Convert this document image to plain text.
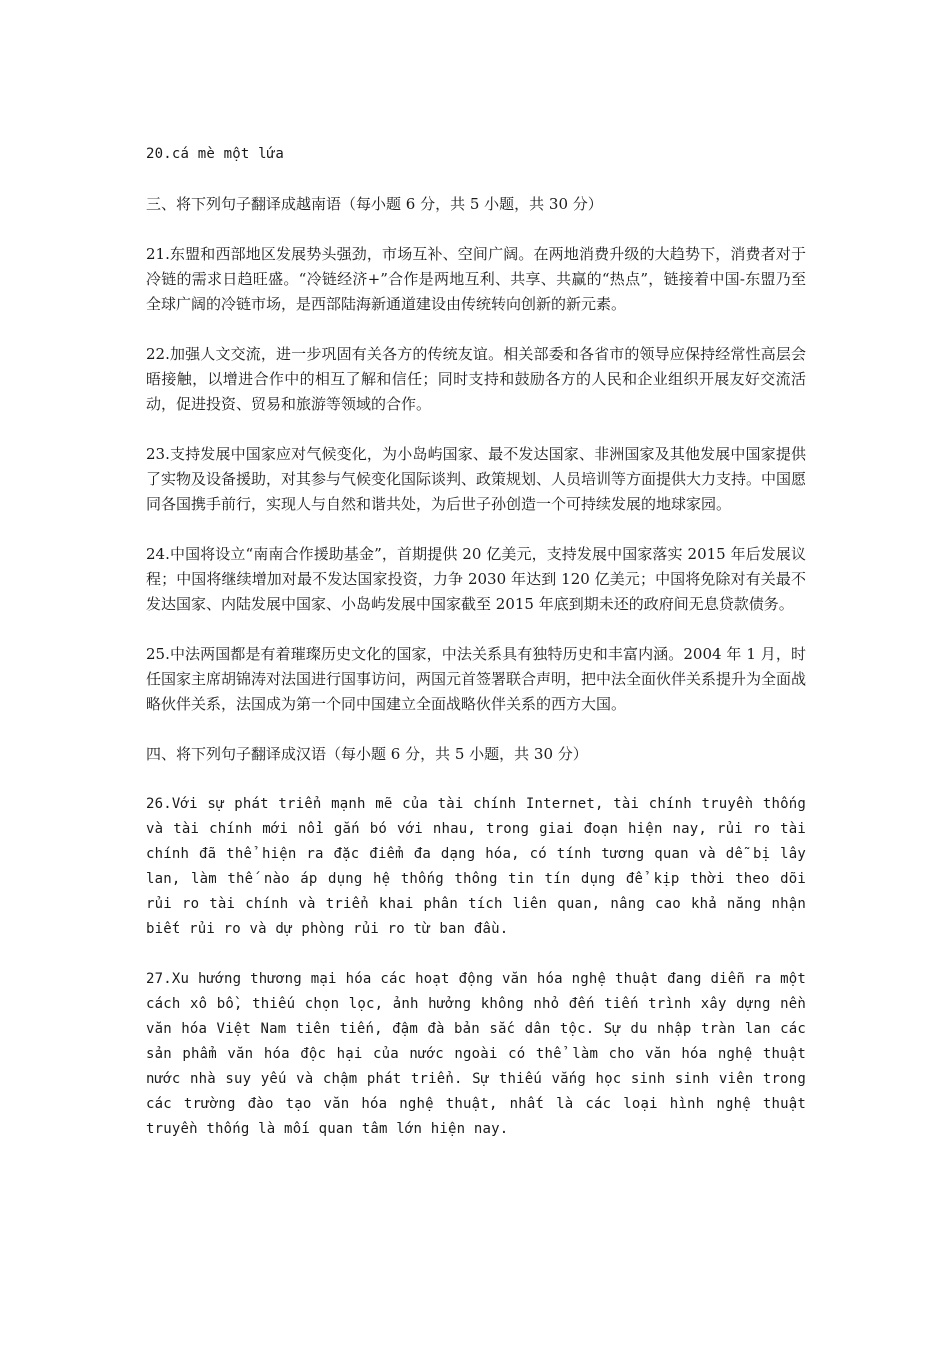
20.cá mè một lứa

三、将下列句子翻译成越南语（每小题 6 分，共 5 小题，共 30 分）

21.东盟和西部地区发展势头强劲，市场互补、空间广阔。在两地消费升级的大趋势下，消费者对于冷链的需求日趋旺盛。“冷链经济+”合作是两地互利、共享、共赢的“热点”，链接着中国-东盟乃至全球广阔的冷链市场，是西部陆海新通道建设由传统转向创新的新元素。

22.加强人文交流，进一步巩固有关各方的传统友谊。相关部委和各省市的领导应保持经常性高层会晤接触，以增进合作中的相互了解和信任；同时支持和鼓励各方的人民和企业组织开展友好交流活动，促进投资、贸易和旅游等领域的合作。

23.支持发展中国家应对气候变化，为小岛屿国家、最不发达国家、非洲国家及其他发展中国家提供了实物及设备援助，对其参与气候变化国际谈判、政策规划、人员培训等方面提供大力支持。中国愿同各国携手前行，实现人与自然和谐共处，为后世子孙创造一个可持续发展的地球家园。

24.中国将设立“南南合作援助基金”，首期提供 20 亿美元，支持发展中国家落实 2015 年后发展议程；中国将继续增加对最不发达国家投资，力争 2030 年达到 120 亿美元；中国将免除对有关最不发达国家、内陆发展中国家、小岛屿发展中国家截至 2015 年底到期未还的政府间无息贷款债务。

25.中法两国都是有着璀璨历史文化的国家，中法关系具有独特历史和丰富内涵。2004 年 1 月，时任国家主席胡锦涛对法国进行国事访问，两国元首签署联合声明，把中法全面伙伴关系提升为全面战略伙伴关系，法国成为第一个同中国建立全面战略伙伴关系的西方大国。

四、将下列句子翻译成汉语（每小题 6 分，共 5 小题，共 30 分）

26.Với sự phát triển mạnh mẽ của tài chính Internet, tài chính truyền thống và tài chính mới nổi gắn bó với nhau, trong giai đoạn hiện nay, rủi ro tài chính đã thể hiện ra đặc điểm đa dạng hóa, có tính tương quan và dễ bị lây lan, làm thế nào áp dụng hệ thống thông tin tín dụng để kịp thời theo dõi rủi ro tài chính và triển khai phân tích liên quan, nâng cao khả năng nhận biết rủi ro và dự phòng rủi ro từ ban đầu.

27.Xu hướng thương mại hóa các hoạt động văn hóa nghệ thuật đang diễn ra một cách xô bồ, thiếu chọn lọc, ảnh hưởng không nhỏ đến tiến trình xây dựng nền văn hóa Việt Nam tiên tiến, đậm đà bản sắc dân tộc. Sự du nhập tràn lan các sản phẩm văn hóa độc hại của nước ngoài có thể làm cho văn hóa nghệ thuật nước nhà suy yếu và chậm phát triển. Sự thiếu vắng học sinh sinh viên trong các trường đào tạo văn hóa nghệ thuật, nhất là các loại hình nghệ thuật truyền thống là mối quan tâm lớn hiện nay.
